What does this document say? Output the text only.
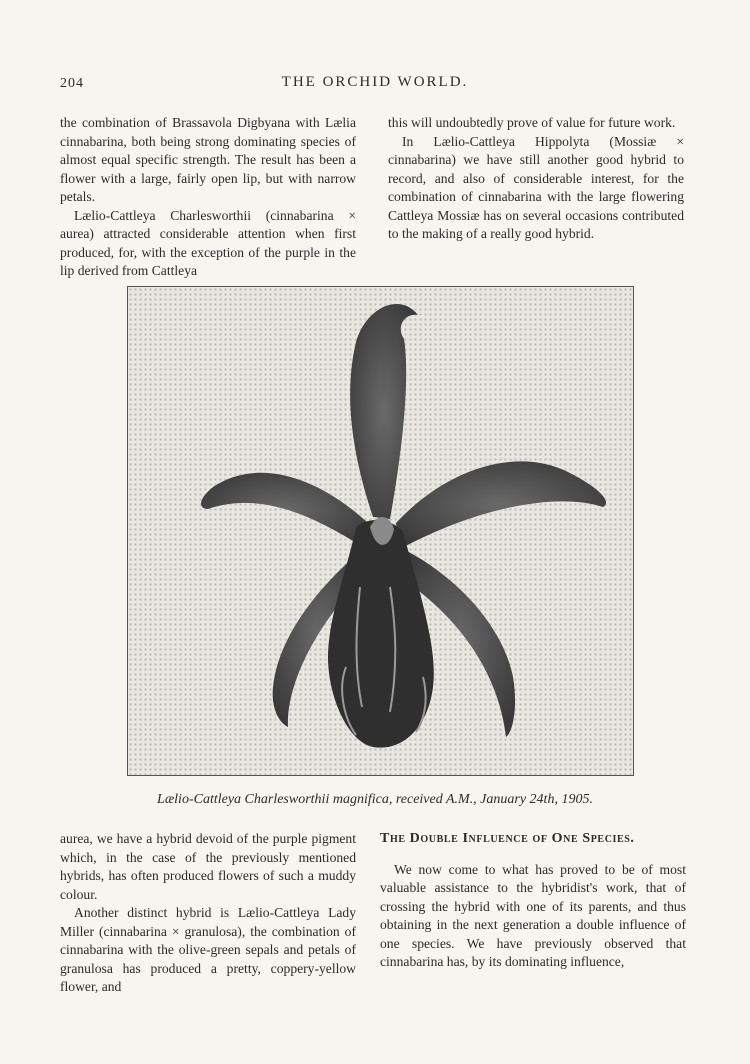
204	THE ORCHID WORLD.

the combination of Brassavola Digbyana with Lælia cinnabarina, both being strong dominating species of almost equal specific strength. The result has been a flower with a large, fairly open lip, but with narrow petals.

Lælio-Cattleya Charlesworthii (cinnabarina × aurea) attracted considerable attention when first produced, for, with the exception of the purple in the lip derived from Cattleya

this will undoubtedly prove of value for future work.

In Lælio-Cattleya Hippolyta (Mossiæ × cinnabarina) we have still another good hybrid to record, and also of considerable interest, for the combination of cinnabarina with the large flowering Cattleya Mossiæ has on several occasions contributed to the making of a really good hybrid.

Lælio-Cattleya Charlesworthii magnifica, received A.M., January 24th, 1905.

aurea, we have a hybrid devoid of the purple pigment which, in the case of the previously mentioned hybrids, has often produced flowers of such a muddy colour.

Another distinct hybrid is Lælio-Cattleya Lady Miller (cinnabarina × granulosa), the combination of cinnabarina with the olive-green sepals and petals of granulosa has produced a pretty, coppery-yellow flower, and

The Double Influence of One Species.

We now come to what has proved to be of most valuable assistance to the hybridist's work, that of crossing the hybrid with one of its parents, and thus obtaining in the next generation a double influence of one species. We have previously observed that cinnabarina has, by its dominating influence,
